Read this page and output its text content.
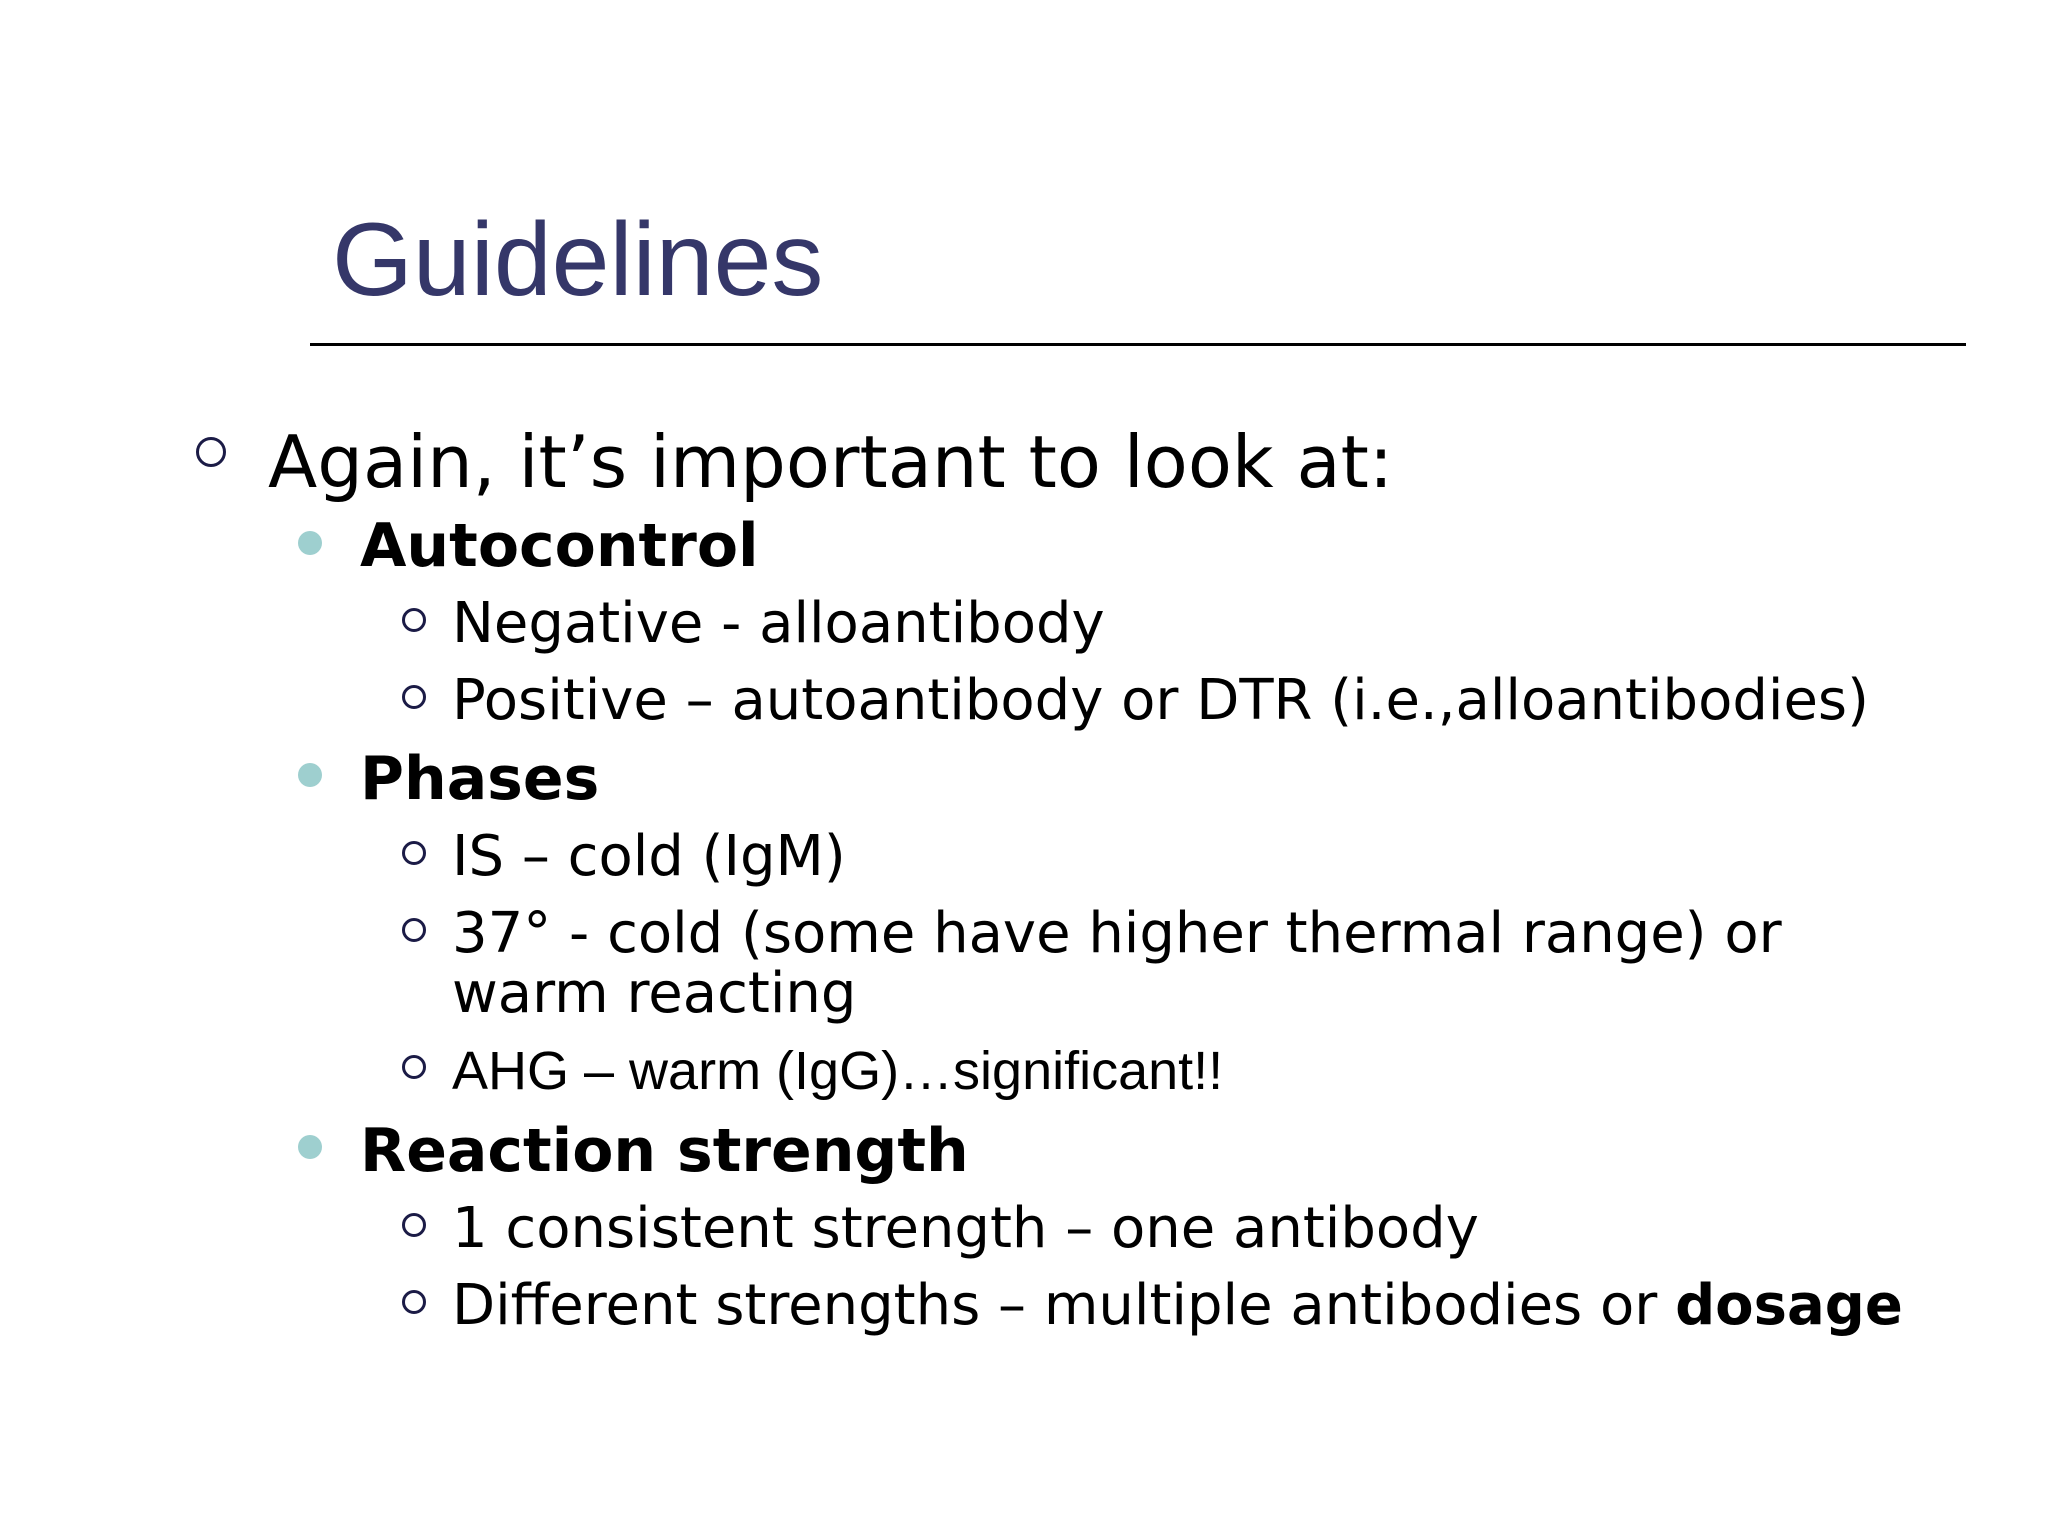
Guidelines
Again, it’s important to look at:
Autocontrol
Negative - alloantibody
Positive – autoantibody or DTR (i.e.,alloantibodies)
Phases
IS – cold (IgM)
37° - cold (some have higher thermal range) or
warm reacting
AHG – warm (IgG)…significant!!
Reaction strength
1 consistent strength – one antibody
Different strengths – multiple antibodies or dosage
